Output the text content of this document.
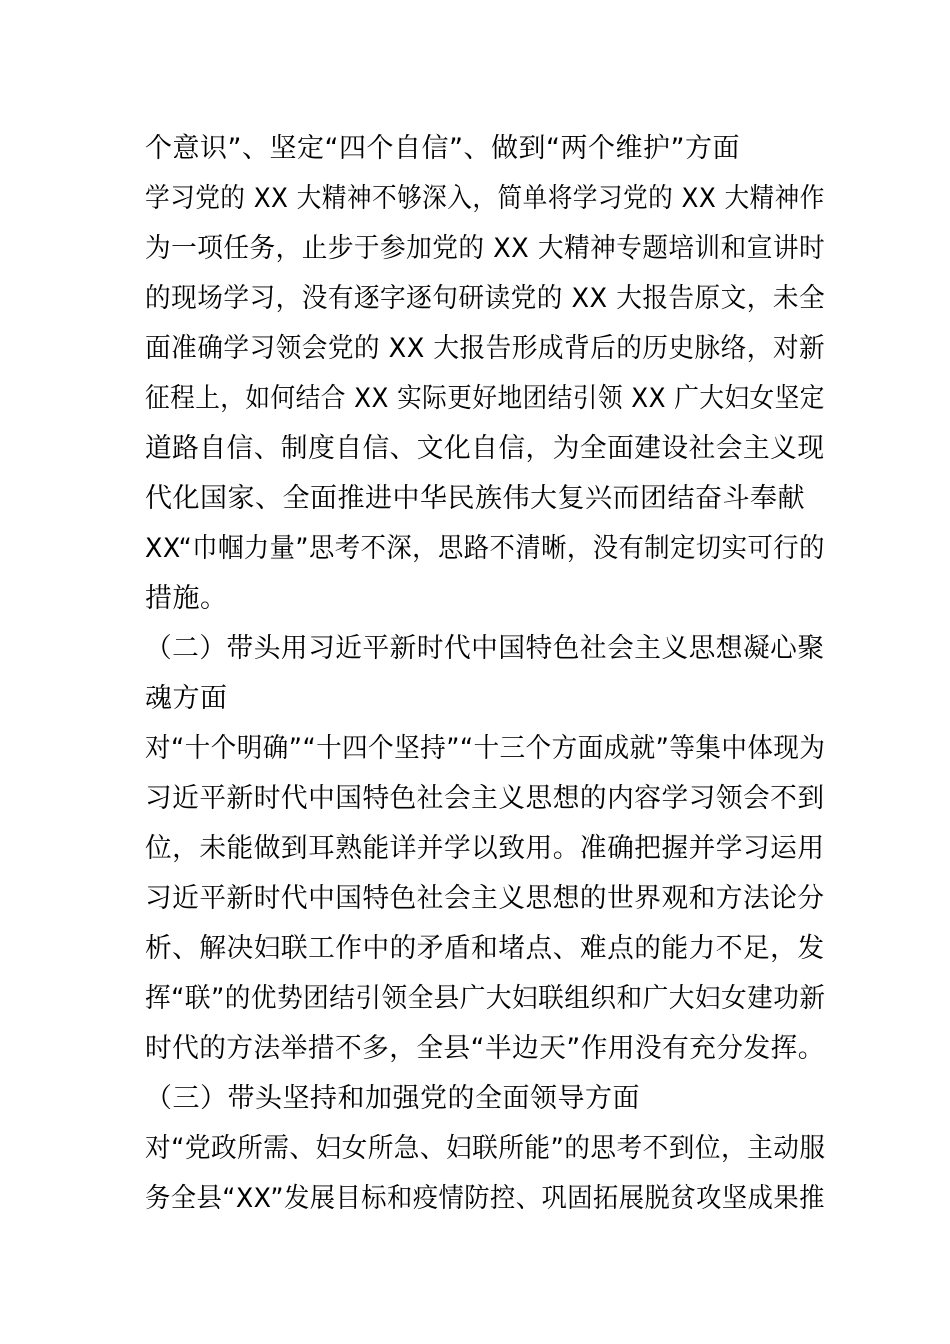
个意识”、坚定“四个自信”、做到“两个维护”方面
学习党的 XX 大精神不够深入，简单将学习党的 XX 大精神作
为一项任务，止步于参加党的 XX 大精神专题培训和宣讲时
的现场学习，没有逐字逐句研读党的 XX 大报告原文，未全
面准确学习领会党的 XX 大报告形成背后的历史脉络，对新
征程上，如何结合 XX 实际更好地团结引领 XX 广大妇女坚定
道路自信、制度自信、文化自信，为全面建设社会主义现
代化国家、全面推进中华民族伟大复兴而团结奋斗奉献
XX“巾帼力量”思考不深，思路不清晰，没有制定切实可行的
措施。
（二）带头用习近平新时代中国特色社会主义思想凝心聚
魂方面
对“十个明确”“十四个坚持”“十三个方面成就”等集中体现为
习近平新时代中国特色社会主义思想的内容学习领会不到
位，未能做到耳熟能详并学以致用。准确把握并学习运用
习近平新时代中国特色社会主义思想的世界观和方法论分
析、解决妇联工作中的矛盾和堵点、难点的能力不足，发
挥“联”的优势团结引领全县广大妇联组织和广大妇女建功新
时代的方法举措不多，全县“半边天”作用没有充分发挥。
（三）带头坚持和加强党的全面领导方面
对“党政所需、妇女所急、妇联所能”的思考不到位，主动服
务全县“XX”发展目标和疫情防控、巩固拓展脱贫攻坚成果推
